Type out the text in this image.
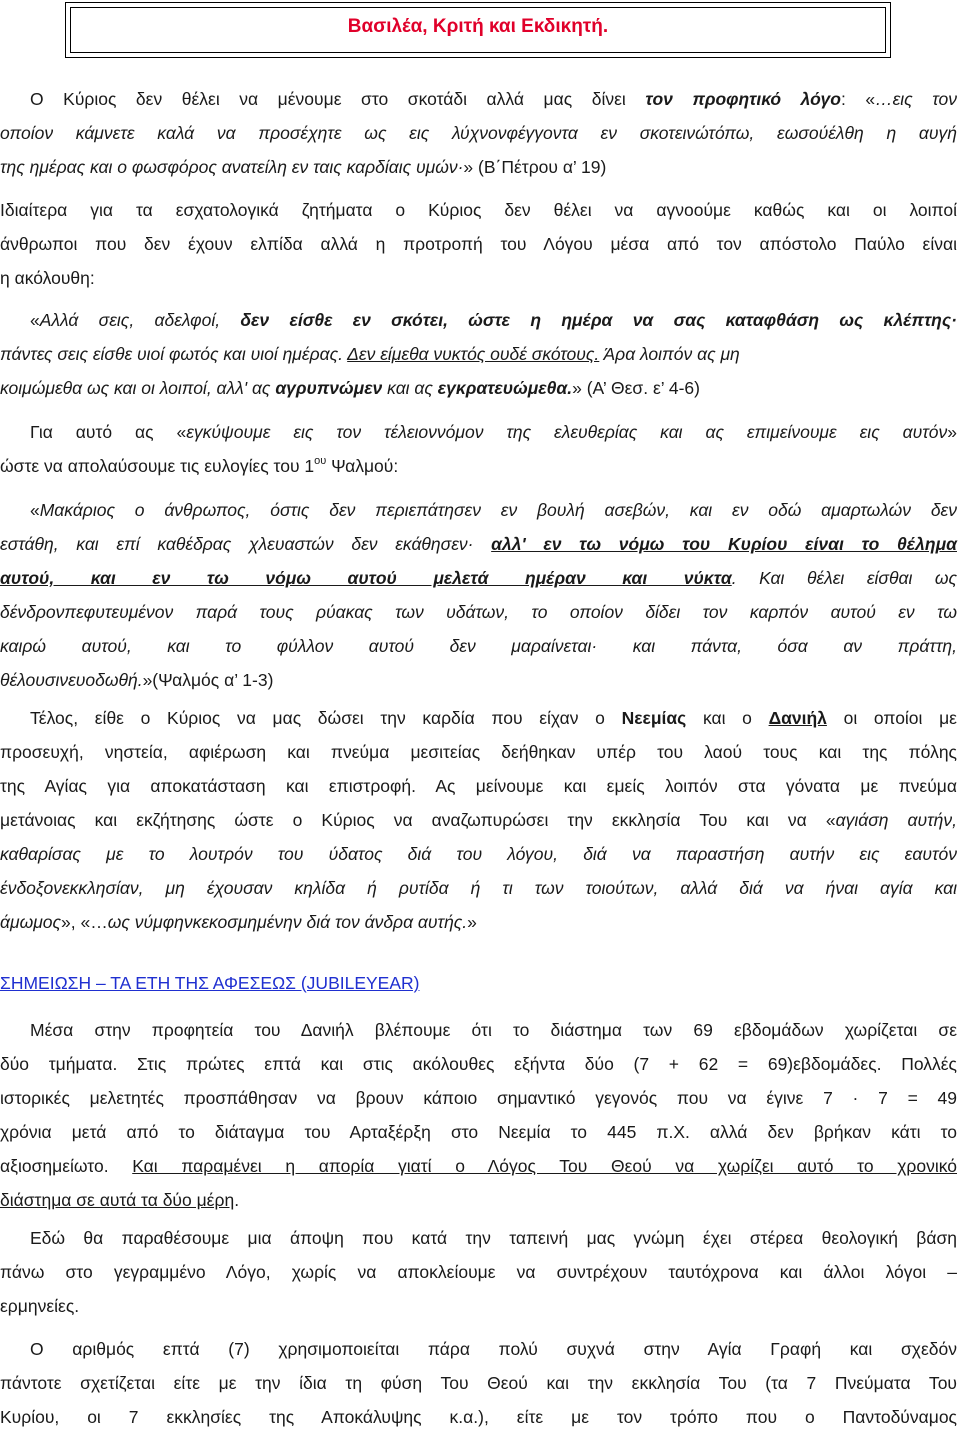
Βασιλέα, Κριτή και Εκδικητή.
Ο Κύριος δεν θέλει να μένουμε στο σκοτάδι αλλά μας δίνει τον προφητικό λόγο: «…εις τον
οποίον κάμνετε καλά να προσέχητε ως εις λύχνονφέγγοντα εν σκοτεινώτόπω, εωσούέλθη η αυγή
της ημέρας και ο φωσφόρος ανατείλη εν ταις καρδίαις υμών·» (Β΄Πέτρου α’ 19)
Ιδιαίτερα για τα εσχατολογικά ζητήματα ο Κύριος δεν θέλει να αγνοούμε καθώς και οι λοιποί
άνθρωποι που δεν έχουν ελπίδα αλλά η προτροπή του Λόγου μέσα από τον απόστολο Παύλο είναι
η ακόλουθη:
«Αλλά σεις, αδελφοί, δεν είσθε εν σκότει, ώστε η ημέρα να σας καταφθάση ως κλέπτης·
πάντες σεις είσθε υιοί φωτός και υιοί ημέρας. Δεν είμεθα νυκτός ουδέ σκότους. Άρα λοιπόν ας μη
κοιμώμεθα ως και οι λοιποί, αλλ' ας αγρυπνώμεν και ας εγκρατευώμεθα.» (Α’ Θεσ. ε’ 4-6)
Για αυτό ας «εγκύψουμε εις τον τέλειοννόμον της ελευθερίας και ας επιμείνουμε εις αυτόν»
ώστε να απολαύσουμε τις ευλογίες του $1^{o\upsilon}$ Ψαλμού:
«Μακάριος ο άνθρωπος, όστις δεν περιεπάτησεν εν βουλή ασεβών, και εν οδώ αμαρτωλών δεν
εστάθη, και επί καθέδρας χλευαστών δεν εκάθησεν· αλλ' εν τω νόμω του Κυρίου είναι το θέλημα
αυτού, και εν τω νόμω αυτού μελετά ημέραν και νύκτα. Και θέλει είσθαι ως
δένδρονπεφυτευμένον παρά τους ρύακας των υδάτων, το οποίον δίδει τον καρπόν αυτού εν τω
καιρώ αυτού, και το φύλλον αυτού δεν μαραίνεται· και πάντα, όσα αν πράττη,
θέλουσινευοδωθή.»(Ψαλμός α’ 1-3)
Τέλος, είθε ο Κύριος να μας δώσει την καρδία που είχαν ο Νεεμίας και ο Δανιήλ οι οποίοι με
προσευχή, νηστεία, αφιέρωση και πνεύμα μεσιτείας δεήθηκαν υπέρ του λαού τους και της πόλης
της Αγίας για αποκατάσταση και επιστροφή. Ας μείνουμε και εμείς λοιπόν στα γόνατα με πνεύμα
μετάνοιας και εκζήτησης ώστε ο Κύριος να αναζωπυρώσει την εκκλησία Του και να «αγιάση αυτήν,
καθαρίσας με το λουτρόν του ύδατος διά του λόγου, διά να παραστήση αυτήν εις εαυτόν
ένδοξονεκκλησίαν, μη έχουσαν κηλίδα ή ρυτίδα ή τι των τοιούτων, αλλά διά να ήναι αγία και
άμωμος», «…ως νύμφηνκεκοσμημένην διά τον άνδρα αυτής.»
ΣΗΜΕΙΩΣΗ – ΤΑ ΕΤΗ ΤΗΣ ΑΦΕΣΕΩΣ (JUBILEYEAR)
Μέσα στην προφητεία του Δανιήλ βλέπουμε ότι το διάστημα των 69 εβδομάδων χωρίζεται σε
δύο τμήματα. Στις πρώτες επτά και στις ακόλουθες εξήντα δύο (7 + 62 = 69)εβδομάδες. Πολλές
ιστορικές μελετητές προσπάθησαν να βρουν κάποιο σημαντικό γεγονός που να έγινε 7 · 7 = 49
χρόνια μετά από το διάταγμα του Αρταξέρξη στο Νεεμία το 445 π.Χ. αλλά δεν βρήκαν κάτι το
αξιοσημείωτο. Και παραμένει η απορία γιατί ο Λόγος Του Θεού να χωρίζει αυτό το χρονικό
διάστημα σε αυτά τα δύο μέρη.
Εδώ θα παραθέσουμε μια άποψη που κατά την ταπεινή μας γνώμη έχει στέρεα θεολογική βάση
πάνω στο γεγραμμένο Λόγο, χωρίς να αποκλείουμε να συντρέχουν ταυτόχρονα και άλλοι λόγοι –
ερμηνείες.
Ο αριθμός επτά (7) χρησιμοποιείται πάρα πολύ συχνά στην Αγία Γραφή και σχεδόν
πάντοτε σχετίζεται είτε με την ίδια τη φύση Του Θεού και την εκκλησία Του (τα 7 Πνεύματα Του
Κυρίου, οι 7 εκκλησίες της Αποκάλυψης κ.α.), είτε με τον τρόπο που ο Παντοδύναμος
